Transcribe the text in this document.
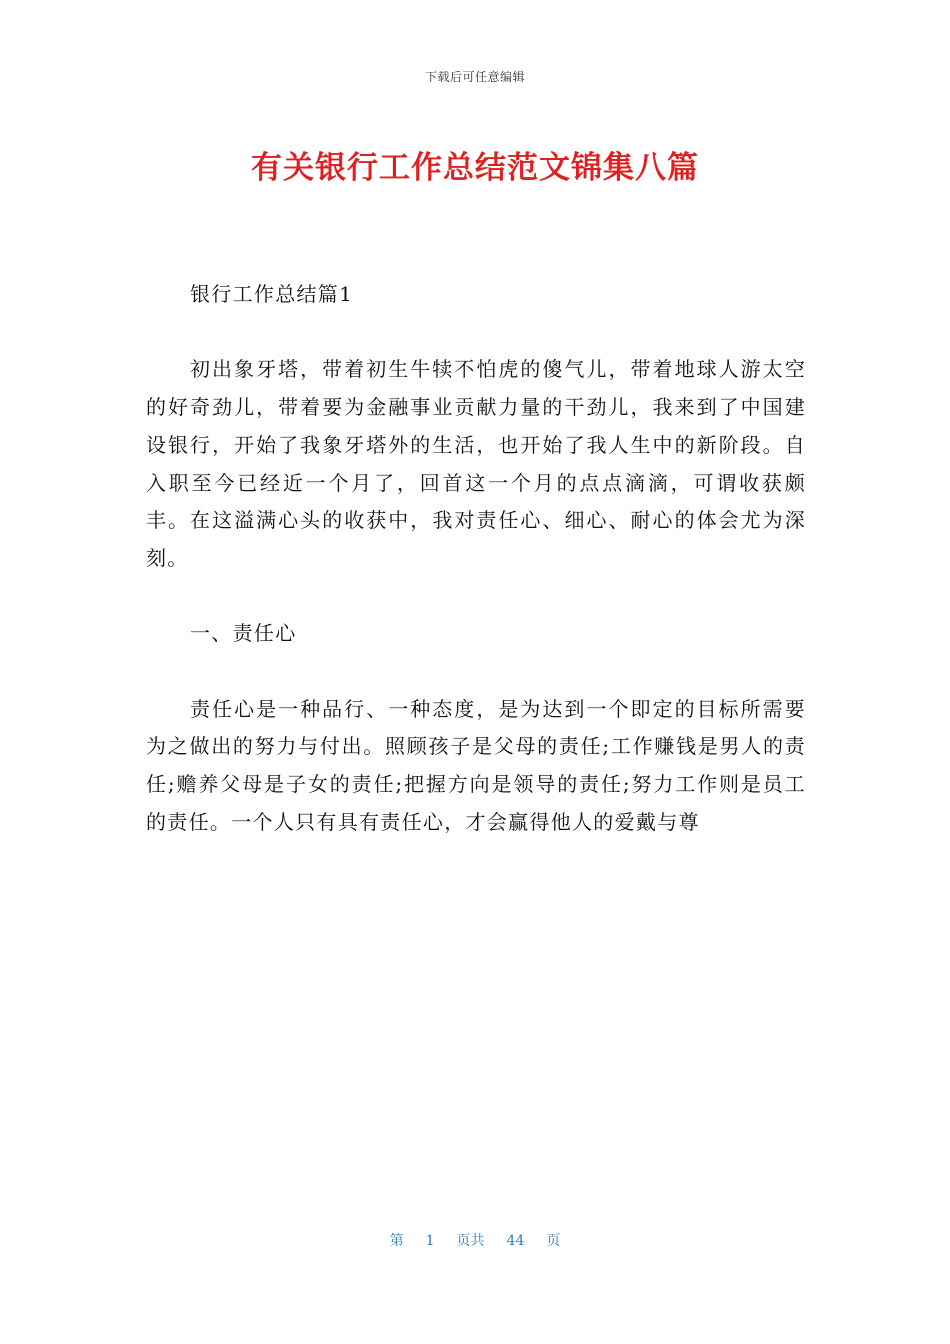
下载后可任意编辑
有关银行工作总结范文锦集八篇

银行工作总结篇1

初出象牙塔，带着初生牛犊不怕虎的傻气儿，带着地球人游太空的好奇劲儿，带着要为金融事业贡献力量的干劲儿，我来到了中国建设银行，开始了我象牙塔外的生活，也开始了我人生中的新阶段。自入职至今已经近一个月了，回首这一个月的点点滴滴，可谓收获颇丰。在这溢满心头的收获中，我对责任心、细心、耐心的体会尤为深刻。

一、责任心

责任心是一种品行、一种态度，是为达到一个即定的目标所需要为之做出的努力与付出。照顾孩子是父母的责任;工作赚钱是男人的责任;赡养父母是子女的责任;把握方向是领导的责任;努力工作则是员工的责任。一个人只有具有责任心，才会赢得他人的爱戴与尊

第 1 页共 44 页
